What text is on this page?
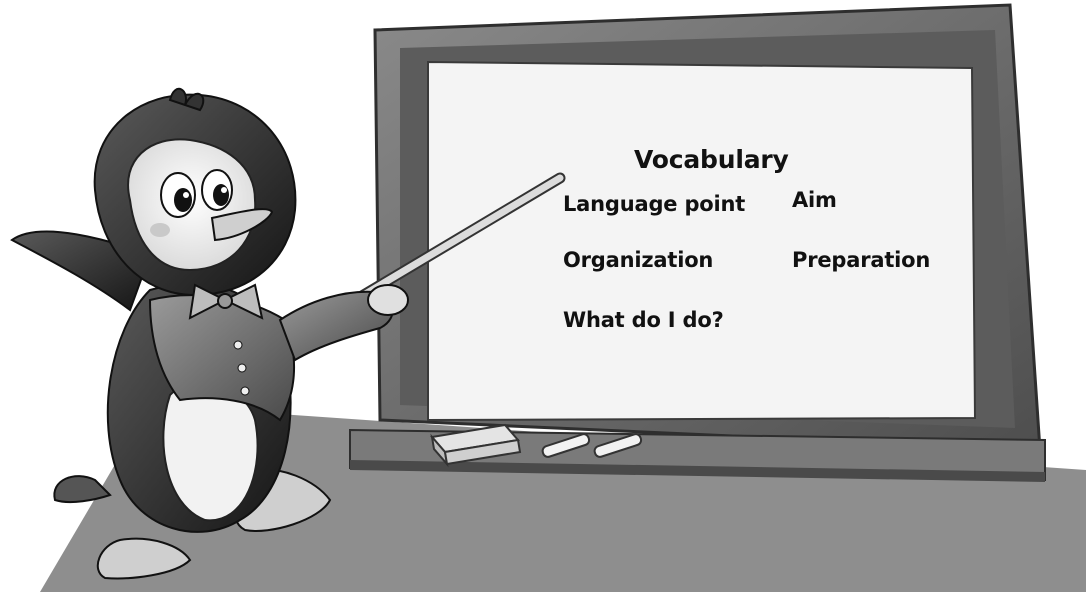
Vocabulary
Language point Aim
Organization	Preparation
What do I do?
